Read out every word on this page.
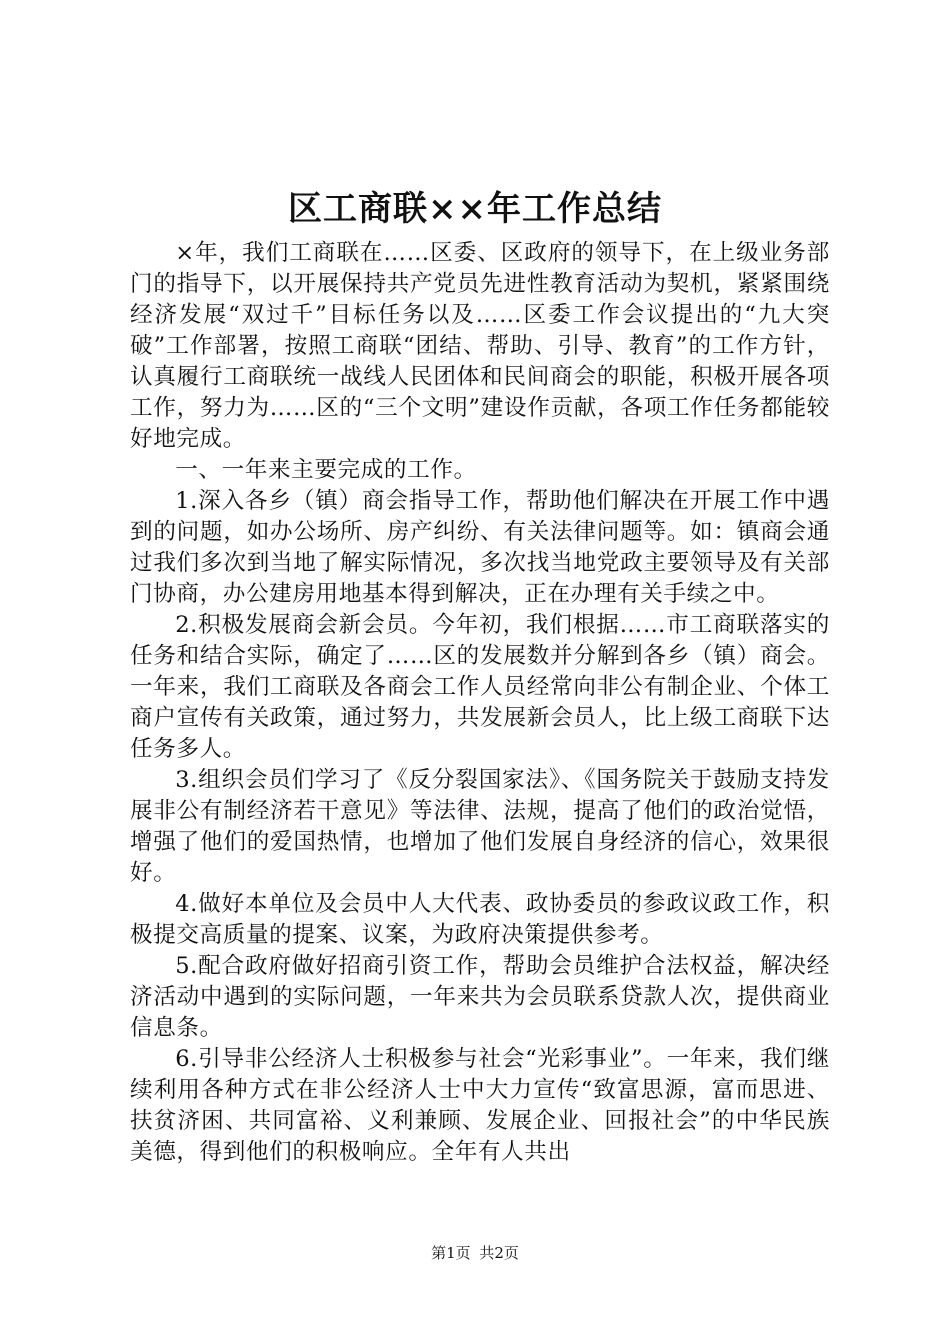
区工商联××年工作总结

×年，我们工商联在……区委、区政府的领导下，在上级业务部门的指导下，以开展保持共产党员先进性教育活动为契机，紧紧围绕经济发展“双过千”目标任务以及……区委工作会议提出的“九大突破”工作部署，按照工商联“团结、帮助、引导、教育”的工作方针，认真履行工商联统一战线人民团体和民间商会的职能，积极开展各项工作，努力为……区的“三个文明”建设作贡献，各项工作任务都能较好地完成。

一、一年来主要完成的工作。

1.深入各乡（镇）商会指导工作，帮助他们解决在开展工作中遇到的问题，如办公场所、房产纠纷、有关法律问题等。如：镇商会通过我们多次到当地了解实际情况，多次找当地党政主要领导及有关部门协商，办公建房用地基本得到解决，正在办理有关手续之中。

2.积极发展商会新会员。今年初，我们根据……市工商联落实的任务和结合实际，确定了……区的发展数并分解到各乡（镇）商会。一年来，我们工商联及各商会工作人员经常向非公有制企业、个体工商户宣传有关政策，通过努力，共发展新会员人，比上级工商联下达任务多人。

3.组织会员们学习了《反分裂国家法》、《国务院关于鼓励支持发展非公有制经济若干意见》等法律、法规，提高了他们的政治觉悟，增强了他们的爱国热情，也增加了他们发展自身经济的信心，效果很好。

4.做好本单位及会员中人大代表、政协委员的参政议政工作，积极提交高质量的提案、议案，为政府决策提供参考。

5.配合政府做好招商引资工作，帮助会员维护合法权益，解决经济活动中遇到的实际问题，一年来共为会员联系贷款人次，提供商业信息条。

6.引导非公经济人士积极参与社会“光彩事业”。一年来，我们继续利用各种方式在非公经济人士中大力宣传“致富思源，富而思进、扶贫济困、共同富裕、义利兼顾、发展企业、回报社会”的中华民族美德，得到他们的积极响应。全年有人共出

第1页 共2页
